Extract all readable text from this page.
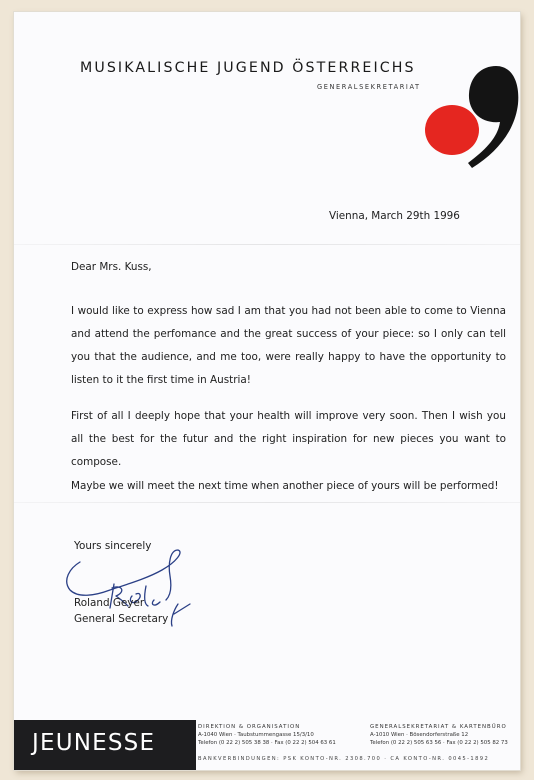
MUSIKALISCHE JUGEND ÖSTERREICHS
GENERALSEKRETARIAT
Vienna, March 29th 1996
Dear Mrs. Kuss,

I would like to express how sad I am that you had not been able to come to Vienna and attend the perfomance and the great success of your piece: so I only can tell you that the audience, and me too, were really happy to have the opportunity to listen to it the first time in Austria!

First of all I deeply hope that your health will improve very soon. Then I wish you all the best for the futur and the right inspiration for new pieces you want to compose.

Maybe we will meet the next time when another piece of yours will be performed!

Yours sincerely
Roland Geyer
General Secretary
JEUNESSE
DIREKTION & ORGANISATION
A-1040 Wien · Taubstummengasse 15/3/10
Telefon (0 22 2) 505 38 38 · Fax (0 22 2) 504 63 61
GENERALSEKRETARIAT & KARTENBÜRO
A-1010 Wien · Bösendorferstraße 12
Telefon (0 22 2) 505 63 56 · Fax (0 22 2) 505 82 73
BANKVERBINDUNGEN: PSK KONTO-NR. 2308.700 · CA KONTO-NR. 0045-1892
